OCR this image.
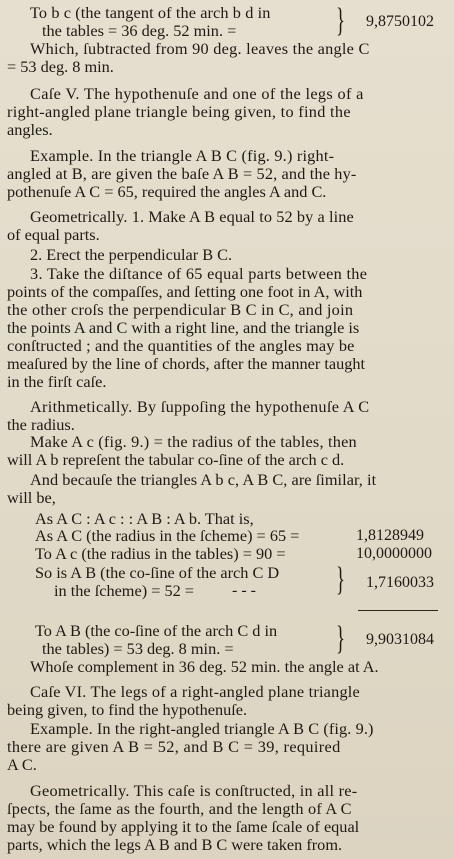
To b c (the tangent of the arch b d in
the tables = 36 deg. 52 min. =	} 9,8750102
Which, ſubtracted from 90 deg. leaves the angle C
= 53 deg. 8 min.
Caſe V. The hypothenuſe and one of the legs of a
right-angled plane triangle being given, to find the
angles.
Example. In the triangle A B C (fig. 9.) right-
angled at B, are given the baſe A B = 52, and the hy-
pothenuſe A C = 65, required the angles A and C.
Geometrically. 1. Make A B equal to 52 by a line
of equal parts.
2. Erect the perpendicular B C.
3. Take the diſtance of 65 equal parts between the
points of the compaſſes, and ſetting one foot in A, with
the other croſs the perpendicular B C in C, and join
the points A and C with a right line, and the triangle is
conſtructed ; and the quantities of the angles may be
meaſured by the line of chords, after the manner taught
in the firſt caſe.
Arithmetically. By ſuppoſing the hypothenuſe A C
the radius.
Make A c (fig. 9.) = the radius of the tables, then
will A b repreſent the tabular co-ſine of the arch c d.
And becauſe the triangles A b c, A B C, are ſimilar, it
will be,
As A C : A c : : A B : A b. That is,
As A C (the radius in the ſcheme) = 65 =	1,8128949
To A c (the radius in the tables) = 90 =	10,0000000
So is A B (the co-ſine of the arch C D
in the ſcheme) = 52 = - - - } 1,7160033
To A B (the co-ſine of the arch C d in
the tables) = 53 deg. 8 min. =	} 9,9031084
Whoſe complement in 36 deg. 52 min. the angle at A.
Caſe VI. The legs of a right-angled plane triangle
being given, to find the hypothenuſe.
Example. In the right-angled triangle A B C (fig. 9.)
there are given A B = 52, and B C = 39, required
A C.
Geometrically. This caſe is conſtructed, in all re-
ſpects, the ſame as the fourth, and the length of A C
may be found by applying it to the ſame ſcale of equal
parts, which the legs A B and B C were taken from.
